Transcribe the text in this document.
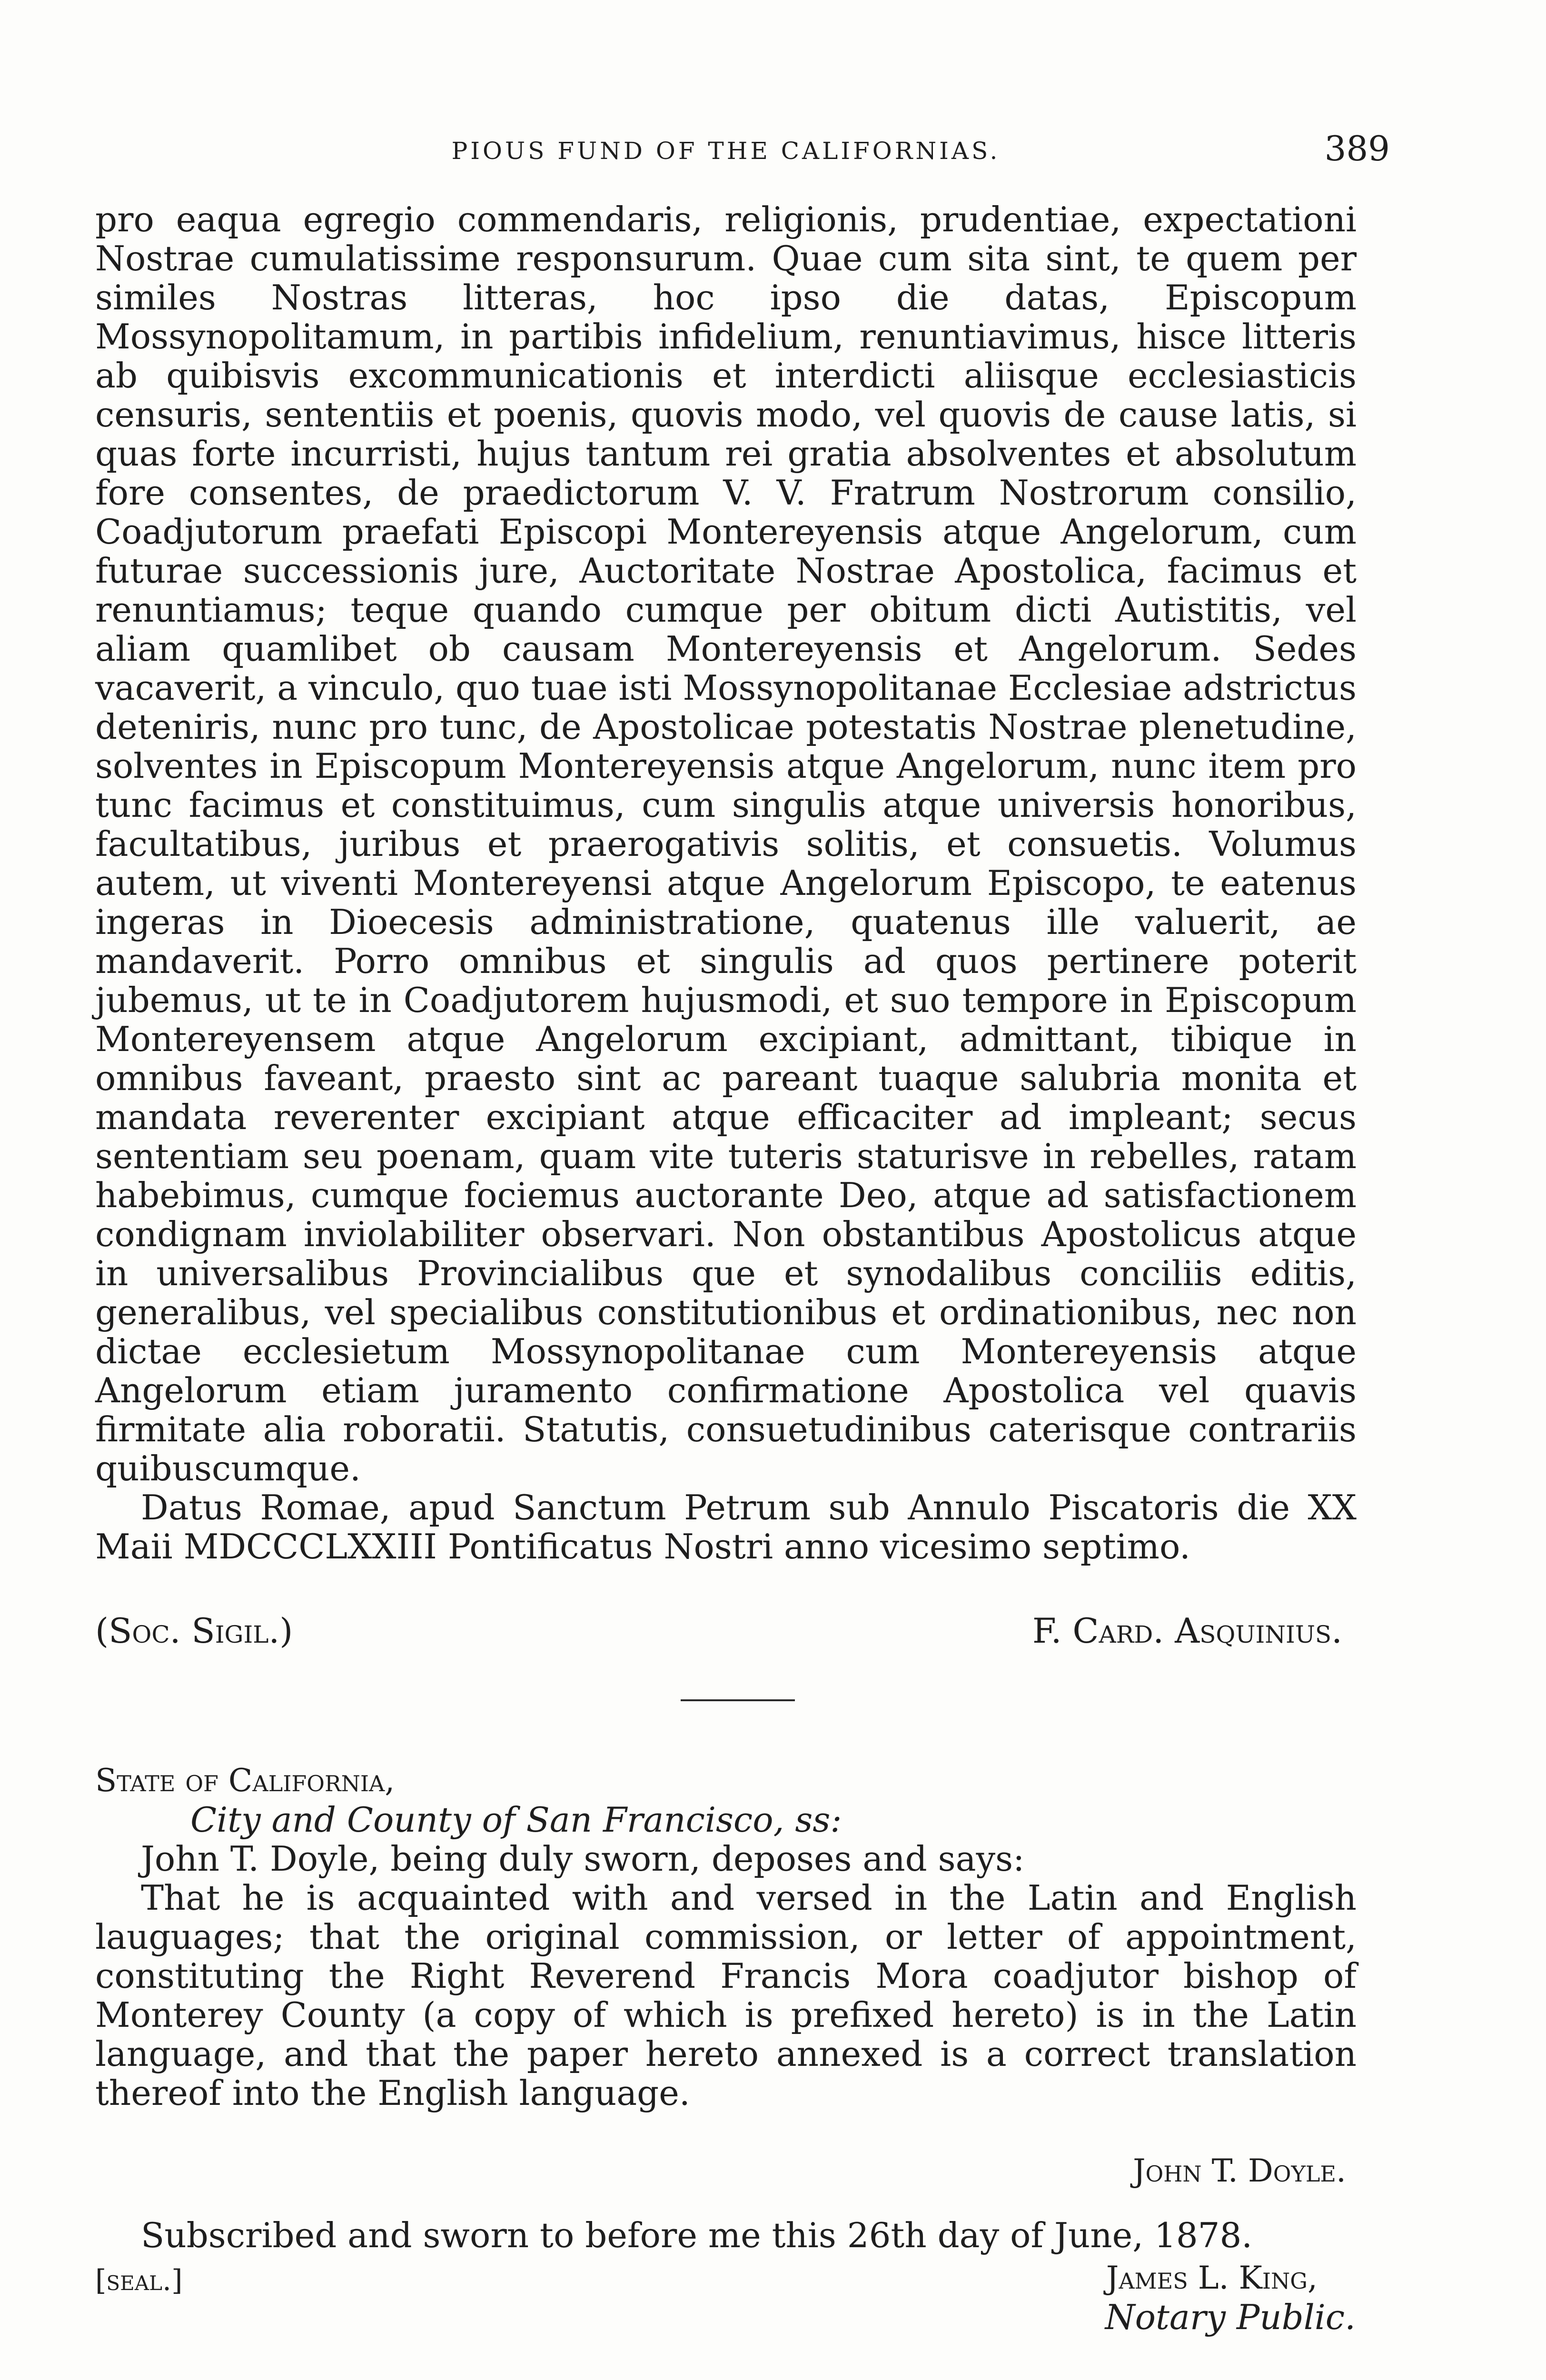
PIOUS FUND OF THE CALIFORNIAS.	389

pro eaqua egregio commendaris, religionis, prudentiae, expectationi Nostrae cumulatissime responsurum. Quae cum sita sint, te quem per similes Nostras litteras, hoc ipso die datas, Episcopum Mossynopolitamum, in partibis infidelium, renuntiavimus, hisce litteris ab quibisvis excommunicationis et interdicti aliisque ecclesiasticis censuris, sententiis et poenis, quovis modo, vel quovis de cause latis, si quas forte incurristi, hujus tantum rei gratia absolventes et absolutum fore consentes, de praedictorum V. V. Fratrum Nostrorum consilio, Coadjutorum praefati Episcopi Montereyensis atque Angelorum, cum futurae successionis jure, Auctoritate Nostrae Apostolica, facimus et renuntiamus; teque quando cumque per obitum dicti Autistitis, vel aliam quamlibet ob causam Montereyensis et Angelorum. Sedes vacaverit, a vinculo, quo tuae isti Mossynopolitanae Ecclesiae adstrictus deteniris, nunc pro tunc, de Apostolicae potestatis Nostrae plenetudine, solventes in Episcopum Montereyensis atque Angelorum, nunc item pro tunc facimus et constituimus, cum singulis atque universis honoribus, facultatibus, juribus et praerogativis solitis, et consuetis. Volumus autem, ut viventi Montereyensi atque Angelorum Episcopo, te eatenus ingeras in Dioecesis administratione, quatenus ille valuerit, ae mandaverit. Porro omnibus et singulis ad quos pertinere poterit jubemus, ut te in Coadjutorem hujusmodi, et suo tempore in Episcopum Montereyensem atque Angelorum excipiant, admittant, tibique in omnibus faveant, praesto sint ac pareant tuaque salubria monita et mandata reverenter excipiant atque efficaciter ad impleant; secus sententiam seu poenam, quam vite tuteris staturisve in rebelles, ratam habebimus, cumque fociemus auctorante Deo, atque ad satisfactionem condignam inviolabiliter observari. Non obstantibus Apostolicus atque in universalibus Provincialibus que et synodalibus conciliis editis, generalibus, vel specialibus constitutionibus et ordinationibus, nec non dictae ecclesietum Mossynopolitanae cum Montereyensis atque Angelorum etiam juramento confirmatione Apostolica vel quavis firmitate alia roboratii. Statutis, consuetudinibus caterisque contrariis quibuscumque.

Datus Romae, apud Sanctum Petrum sub Annulo Piscatoris die XX Maii MDCCCLXXIII Pontificatus Nostri anno vicesimo septimo.

(Soc. Sigil.)	F. Card. Asquinius.
State of California,
City and County of San Francisco, ss:

John T. Doyle, being duly sworn, deposes and says:

That he is acquainted with and versed in the Latin and English lauguages; that the original commission, or letter of appointment, constituting the Right Reverend Francis Mora coadjutor bishop of Monterey County (a copy of which is prefixed hereto) is in the Latin language, and that the paper hereto annexed is a correct translation thereof into the English language.

John T. Doyle.

Subscribed and sworn to before me this 26th day of June, 1878.

[seal.]	James L. King,
Notary Public.
